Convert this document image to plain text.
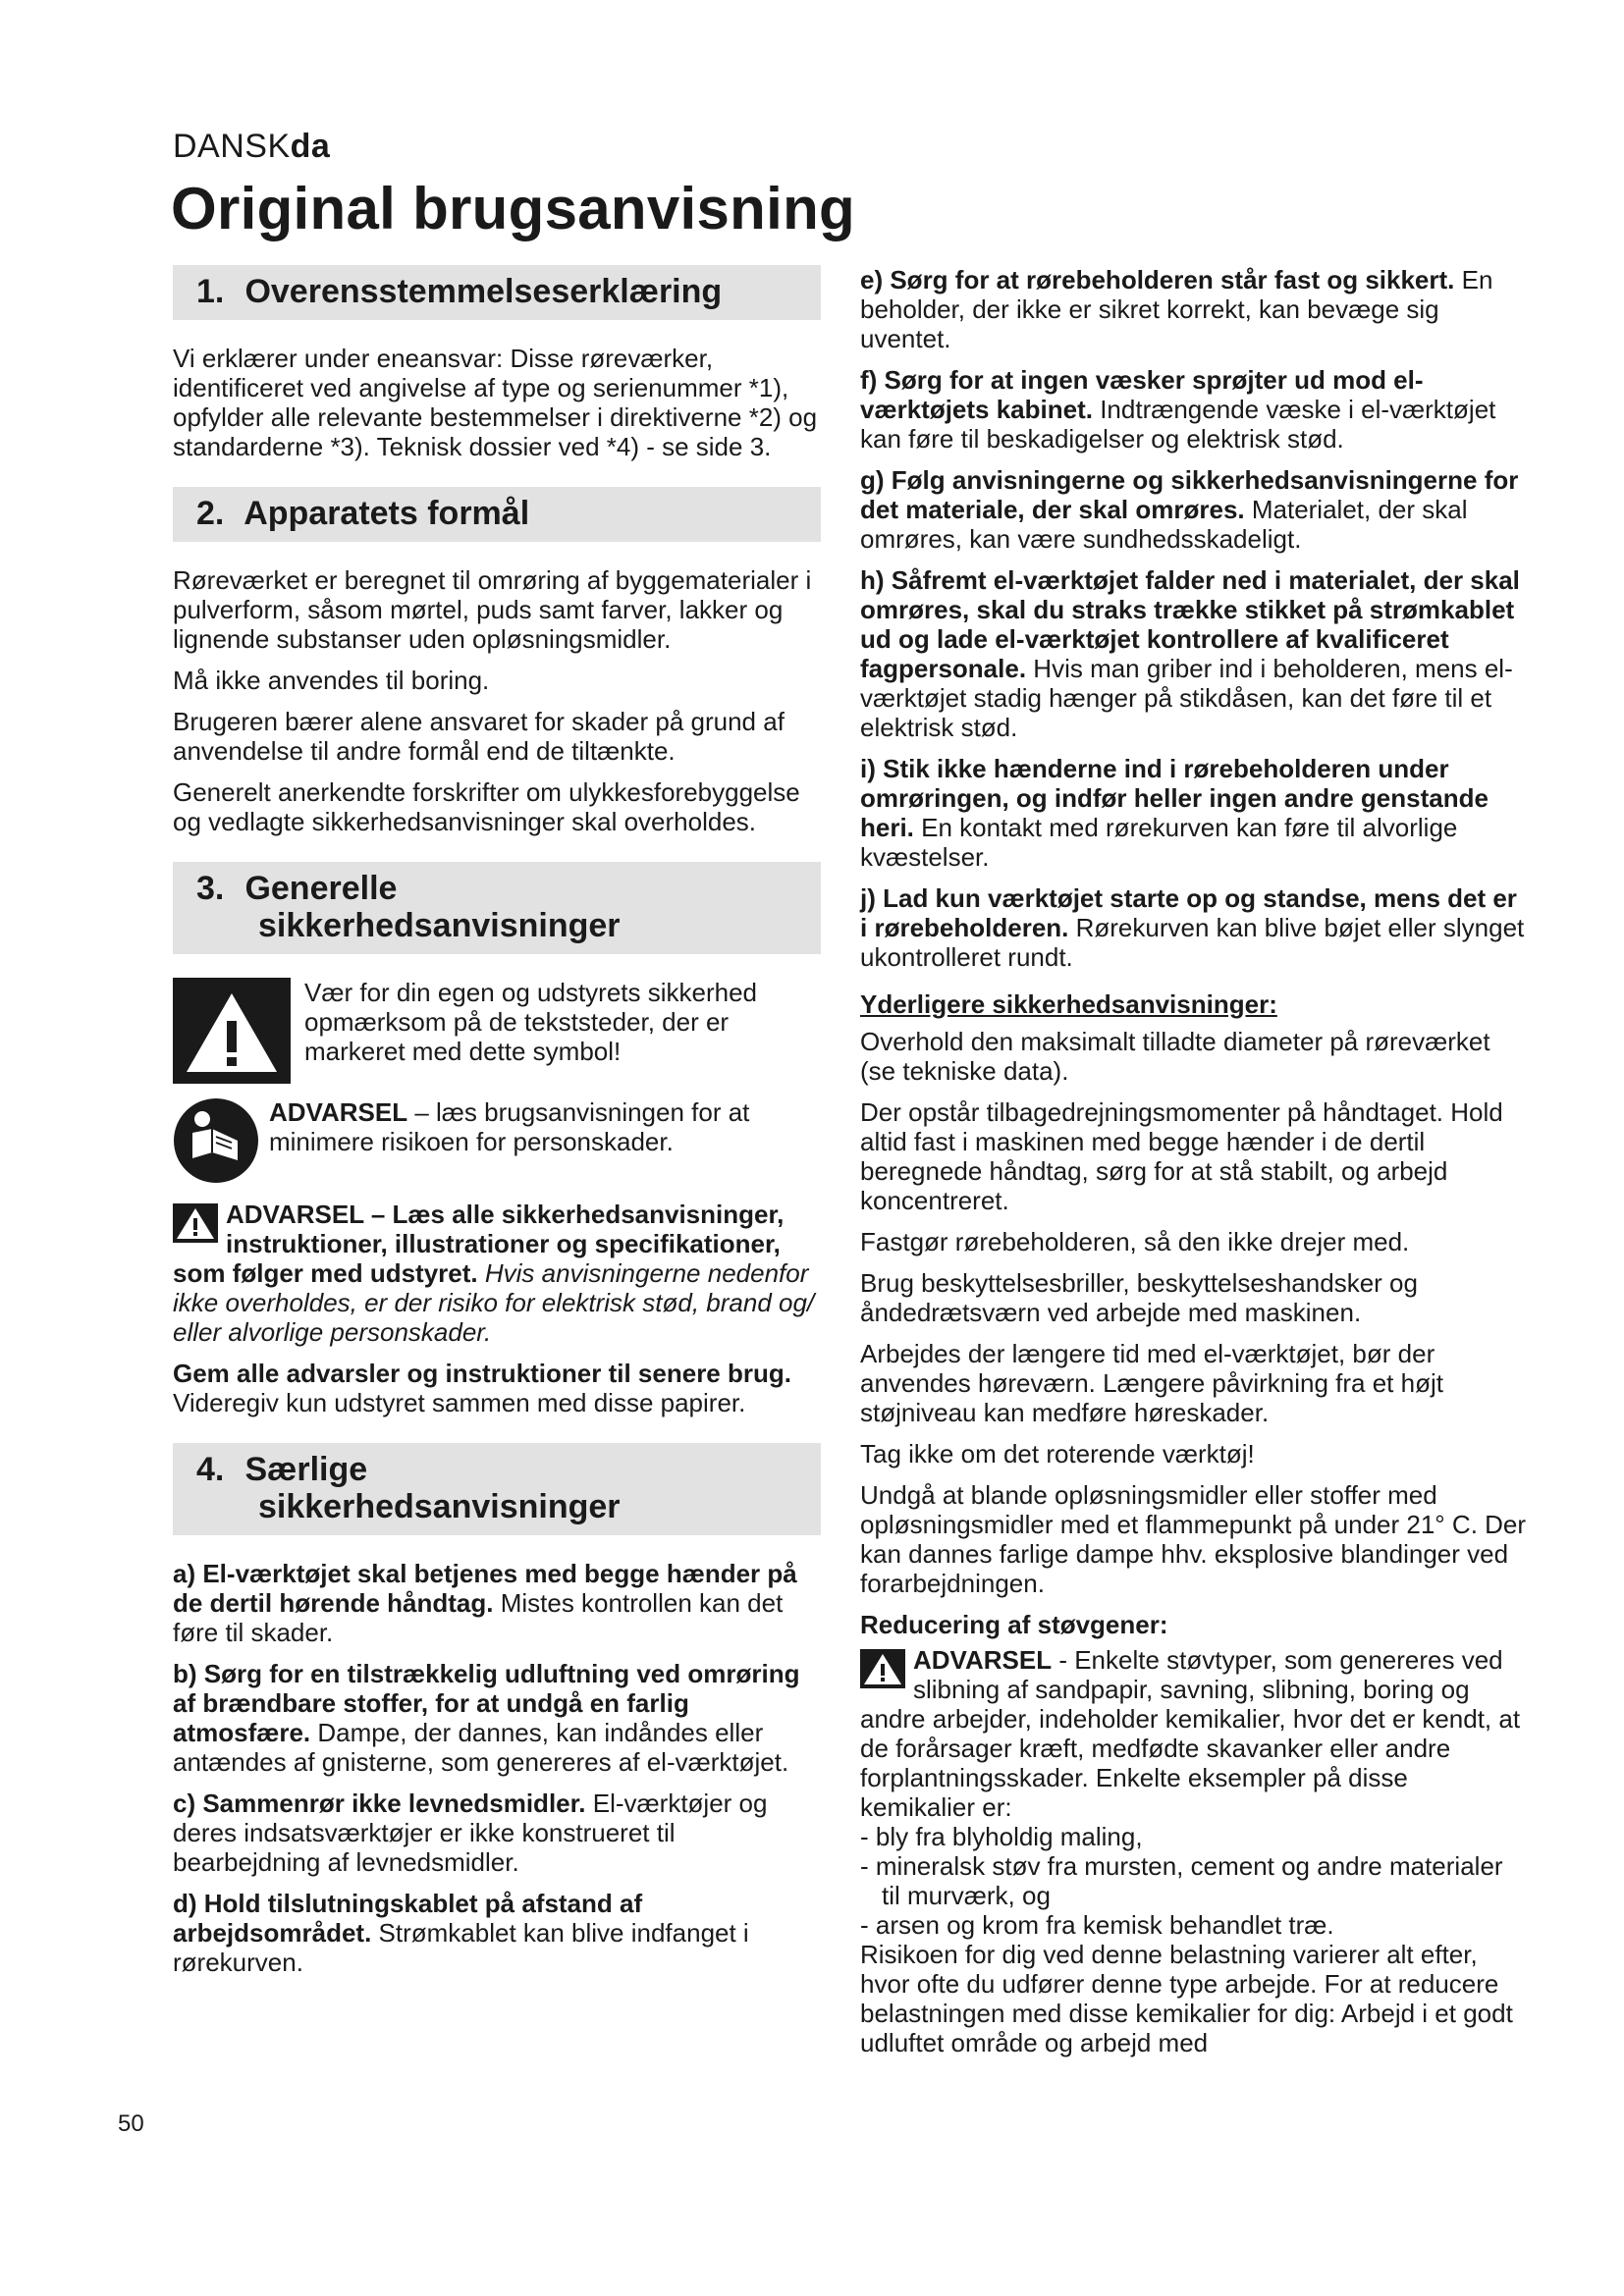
DANSKda
Original brugsanvisning
1. Overensstemmelseserklæring

Vi erklærer under eneansvar: Disse røreværker, identificeret ved angivelse af type og serienummer *1), opfylder alle relevante bestemmelser i direktiverne *2) og standarderne *3). Teknisk dossier ved *4) - se side 3.

2. Apparatets formål

Røreværket er beregnet til omrøring af byggematerialer i pulverform, såsom mørtel, puds samt farver, lakker og lignende substanser uden opløsningsmidler.

Må ikke anvendes til boring.

Brugeren bærer alene ansvaret for skader på grund af anvendelse til andre formål end de tiltænkte.

Generelt anerkendte forskrifter om ulykkesforebyggelse og vedlagte sikkerhedsanvisninger skal overholdes.

3. Generelle
sikkerhedsanvisninger
Vær for din egen og udstyrets sikkerhed opmærksom på de tekststeder, der er markeret med dette symbol!
ADVARSEL – læs brugsanvisningen for at minimere risikoen for personskader.

ADVARSEL – Læs alle sikkerhedsanvisninger, instruktioner, illustrationer og specifikationer, som følger med udstyret. Hvis anvisningerne nedenfor ikke overholdes, er der risiko for elektrisk stød, brand og/ eller alvorlige personskader.

Gem alle advarsler og instruktioner til senere brug.
Videregiv kun udstyret sammen med disse papirer.

4. Særlige
sikkerhedsanvisninger

a) El-værktøjet skal betjenes med begge hænder på de dertil hørende håndtag. Mistes kontrollen kan det føre til skader.

b) Sørg for en tilstrækkelig udluftning ved omrøring af brændbare stoffer, for at undgå en farlig atmosfære. Dampe, der dannes, kan indåndes eller antændes af gnisterne, som genereres af el-værktøjet.

c) Sammenrør ikke levnedsmidler. El-værktøjer og deres indsatsværktøjer er ikke konstrueret til bearbejdning af levnedsmidler.

d) Hold tilslutningskablet på afstand af arbejdsområdet. Strømkablet kan blive indfanget i rørekurven.

e) Sørg for at rørebeholderen står fast og sikkert. En beholder, der ikke er sikret korrekt, kan bevæge sig uventet.

f) Sørg for at ingen væsker sprøjter ud mod el-værktøjets kabinet. Indtrængende væske i el-værktøjet kan føre til beskadigelser og elektrisk stød.

g) Følg anvisningerne og sikkerhedsanvisningerne for det materiale, der skal omrøres. Materialet, der skal omrøres, kan være sundhedsskadeligt.

h) Såfremt el-værktøjet falder ned i materialet, der skal omrøres, skal du straks trække stikket på strømkablet ud og lade el-værktøjet kontrollere af kvalificeret fagpersonale. Hvis man griber ind i beholderen, mens el-værktøjet stadig hænger på stikdåsen, kan det føre til et elektrisk stød.

i) Stik ikke hænderne ind i rørebeholderen under omrøringen, og indfør heller ingen andre genstande heri. En kontakt med rørekurven kan føre til alvorlige kvæstelser.

j) Lad kun værktøjet starte op og standse, mens det er i rørebeholderen. Rørekurven kan blive bøjet eller slynget ukontrolleret rundt.

Yderligere sikkerhedsanvisninger:

Overhold den maksimalt tilladte diameter på røreværket (se tekniske data).

Der opstår tilbagedrejningsmomenter på håndtaget. Hold altid fast i maskinen med begge hænder i de dertil beregnede håndtag, sørg for at stå stabilt, og arbejd koncentreret.

Fastgør rørebeholderen, så den ikke drejer med.

Brug beskyttelsesbriller, beskyttelseshandsker og åndedrætsværn ved arbejde med maskinen.

Arbejdes der længere tid med el-værktøjet, bør der anvendes høreværn. Længere påvirkning fra et højt støjniveau kan medføre høreskader.

Tag ikke om det roterende værktøj!

Undgå at blande opløsningsmidler eller stoffer med opløsningsmidler med et flammepunkt på under 21° C. Der kan dannes farlige dampe hhv. eksplosive blandinger ved forarbejdningen.

Reducering af støvgener:
ADVARSEL - Enkelte støvtyper, som genereres ved slibning af sandpapir, savning, slibning, boring og andre arbejder, indeholder kemikalier, hvor det er kendt, at de forårsager kræft, medfødte skavanker eller andre forplantningsskader. Enkelte eksempler på disse kemikalier er:
- bly fra blyholdig maling,
- mineralsk støv fra mursten, cement og andre materialer til murværk, og
- arsen og krom fra kemisk behandlet træ.

Risikoen for dig ved denne belastning varierer alt efter, hvor ofte du udfører denne type arbejde. For at reducere belastningen med disse kemikalier for dig: Arbejd i et godt udluftet område og arbejd med

50
